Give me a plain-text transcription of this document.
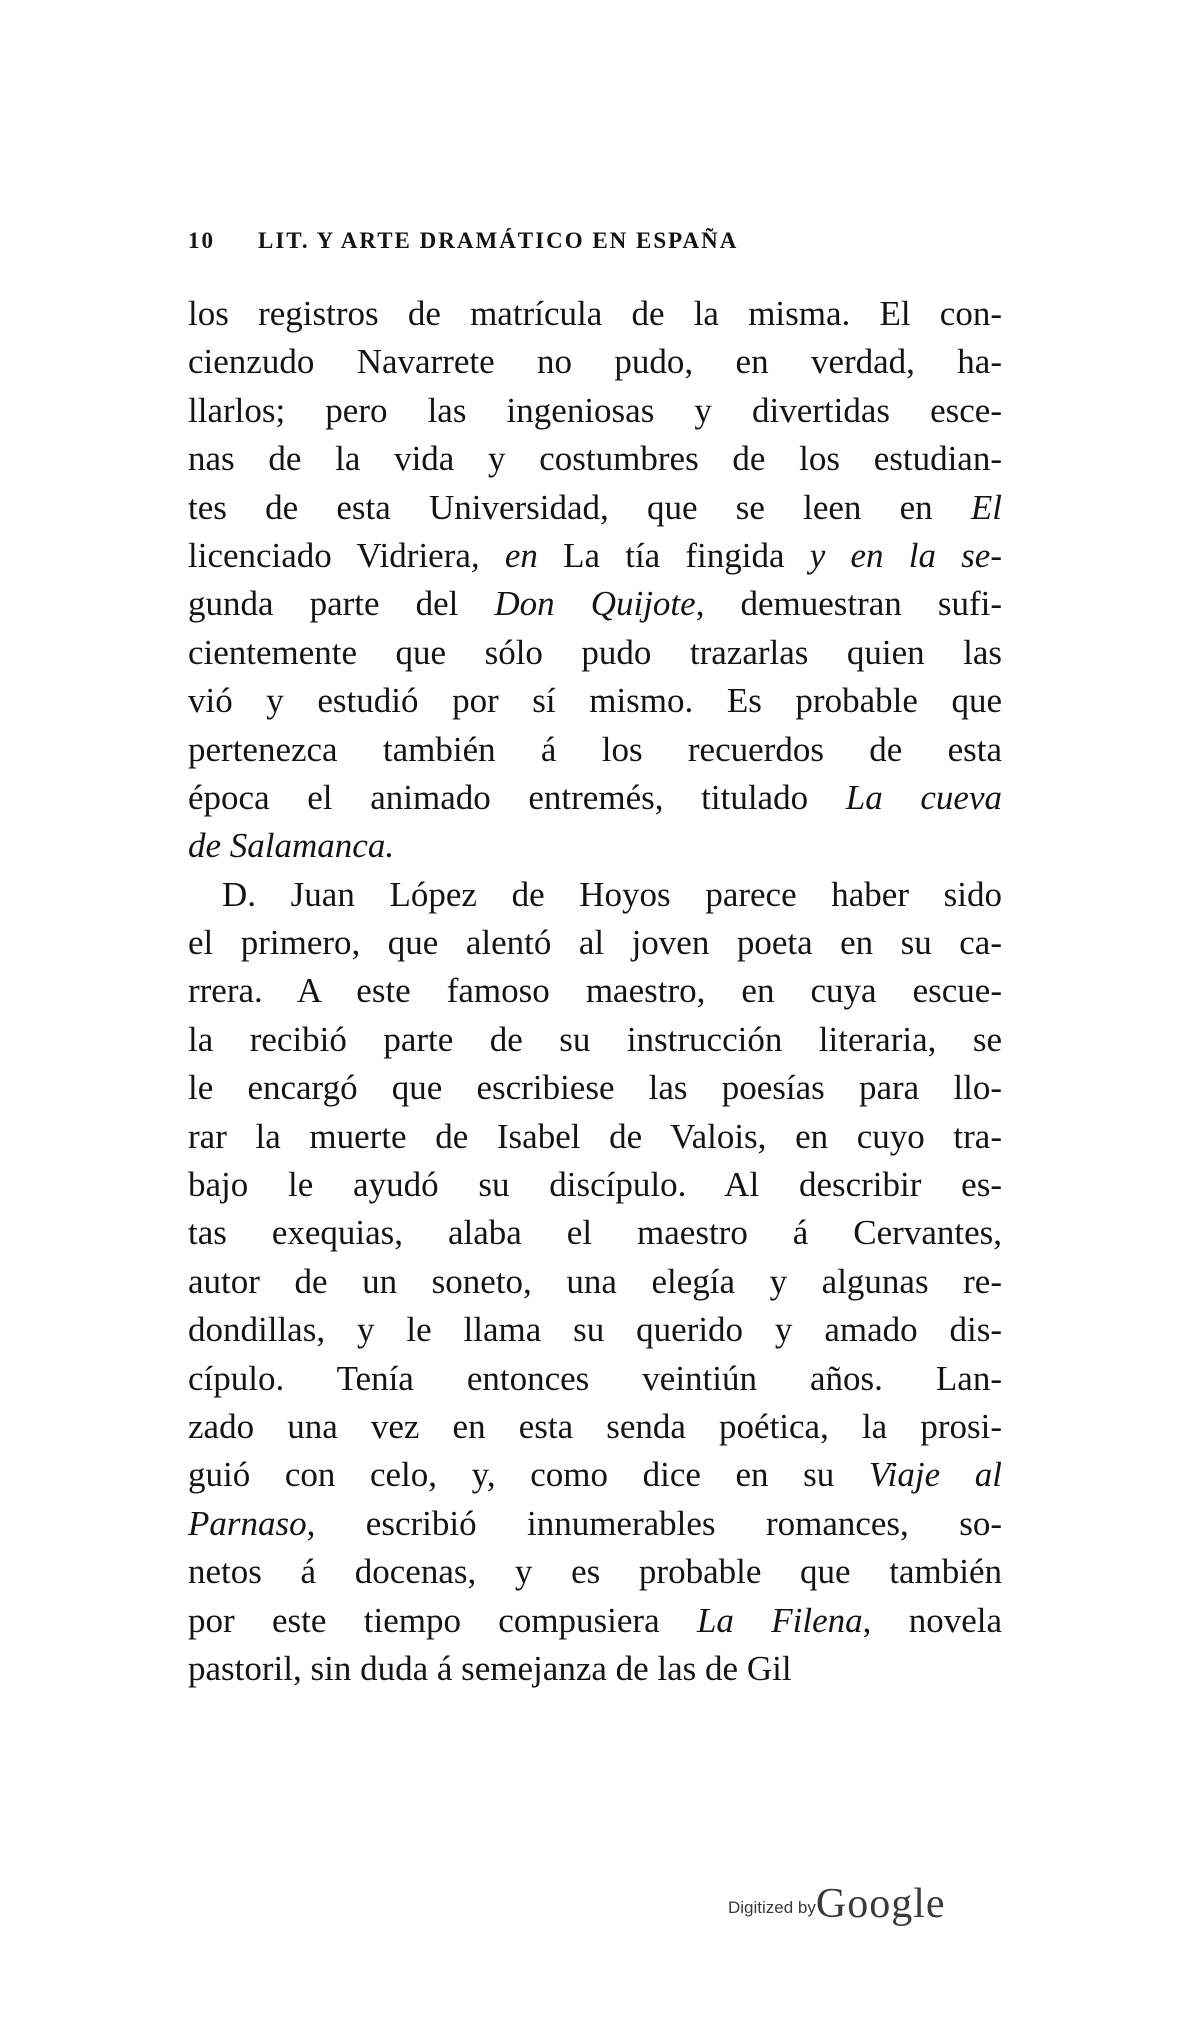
10 LIT. Y ARTE DRAMÁTICO EN ESPAÑA
los registros de matrícula de la misma. El con-
cienzudo Navarrete no pudo, en verdad, ha-
llarlos; pero las ingeniosas y divertidas esce-
nas de la vida y costumbres de los estudian-
tes de esta Universidad, que se leen en El
licenciado Vidriera, en La tía fingida y en la se-
gunda parte del Don Quijote, demuestran sufi-
cientemente que sólo pudo trazarlas quien las
vió y estudió por sí mismo. Es probable que
pertenezca también á los recuerdos de esta
época el animado entremés, titulado La cueva
de Salamanca.
D. Juan López de Hoyos parece haber sido
el primero, que alentó al joven poeta en su ca-
rrera. A este famoso maestro, en cuya escue-
la recibió parte de su instrucción literaria, se
le encargó que escribiese las poesías para llo-
rar la muerte de Isabel de Valois, en cuyo tra-
bajo le ayudó su discípulo. Al describir es-
tas exequias, alaba el maestro á Cervantes,
autor de un soneto, una elegía y algunas re-
dondillas, y le llama su querido y amado dis-
cípulo. Tenía entonces veintiún años. Lan-
zado una vez en esta senda poética, la prosi-
guió con celo, y, como dice en su Viaje al
Parnaso, escribió innumerables romances, so-
netos á docenas, y es probable que también
por este tiempo compusiera La Filena, novela
pastoril, sin duda á semejanza de las de Gil
Digitized byGoogle
